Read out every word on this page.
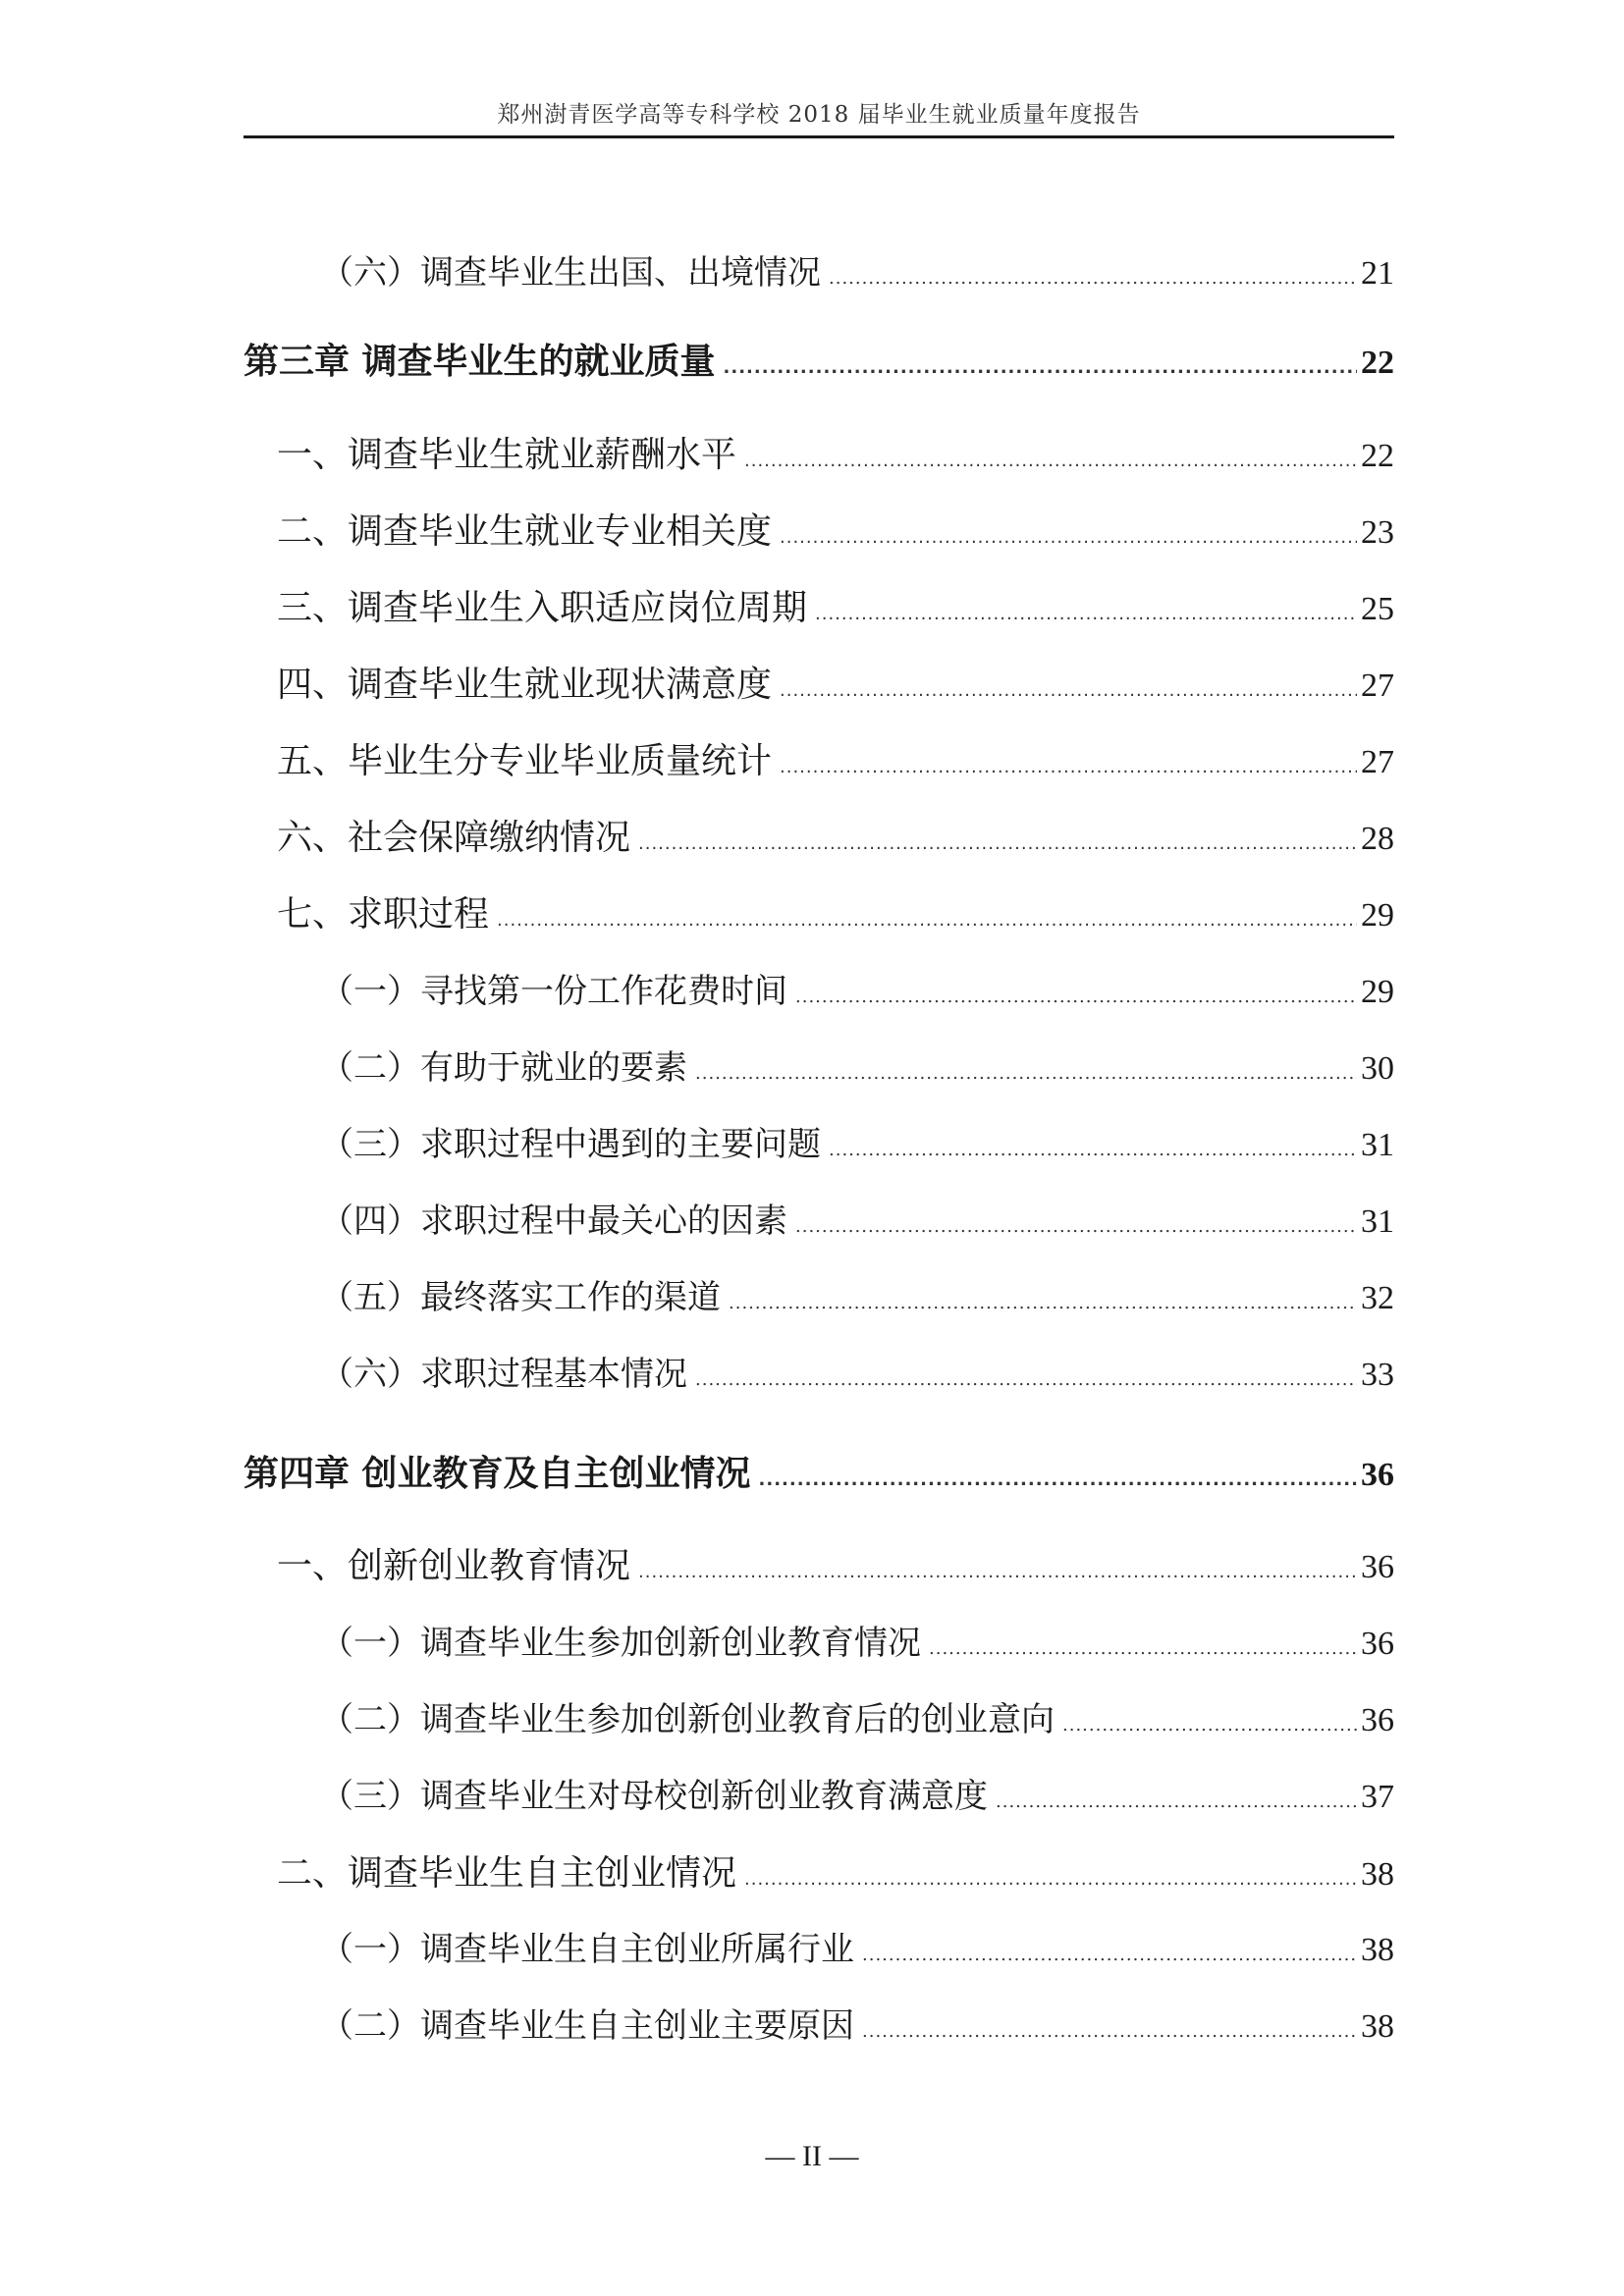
郑州澍青医学高等专科学校 2018 届毕业生就业质量年度报告
（六）调查毕业生出国、出境情况 .....	21
第三章 调查毕业生的就业质量 .....	22
一、调查毕业生就业薪酬水平 .....	22
二、调查毕业生就业专业相关度 .....	23
三、调查毕业生入职适应岗位周期 .....	25
四、调查毕业生就业现状满意度 .....	27
五、毕业生分专业毕业质量统计 .....	27
六、社会保障缴纳情况 .....	28
七、求职过程 .....	29
（一）寻找第一份工作花费时间 .....	29
（二）有助于就业的要素 .....	30
（三）求职过程中遇到的主要问题 .....	31
（四）求职过程中最关心的因素 .....	31
（五）最终落实工作的渠道 .....	32
（六）求职过程基本情况 .....	33
第四章 创业教育及自主创业情况 .....	36
一、创新创业教育情况 .....	36
（一）调查毕业生参加创新创业教育情况 .....	36
（二）调查毕业生参加创新创业教育后的创业意向 .....	36
（三）调查毕业生对母校创新创业教育满意度 .....	37
二、调查毕业生自主创业情况 .....	38
（一）调查毕业生自主创业所属行业 .....	38
（二）调查毕业生自主创业主要原因 .....	38
— II —
